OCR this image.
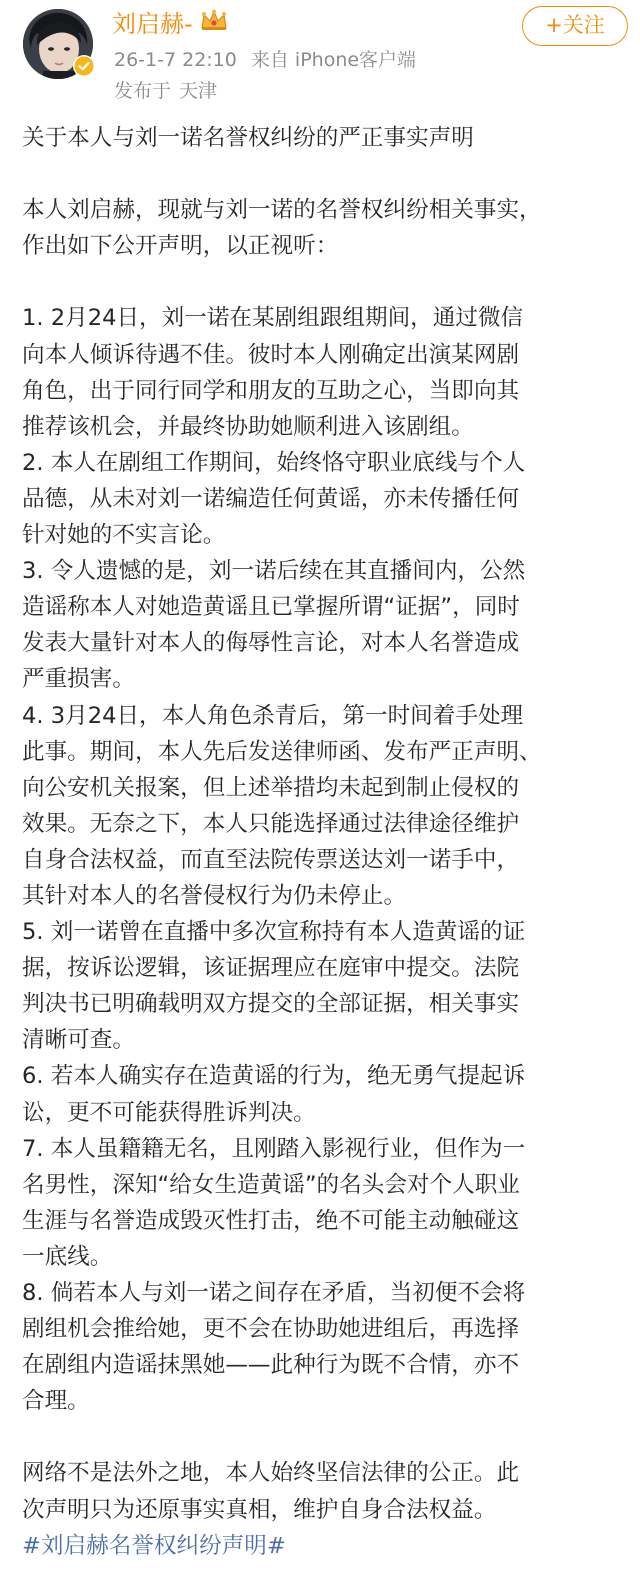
刘启赫-
26-1-7 22:10 来自 iPhone客户端
发布于 天津
+关注
关于本人与刘一诺名誉权纠纷的严正事实声明
本人刘启赫，现就与刘一诺的名誉权纠纷相关事实，
作出如下公开声明，以正视听：
1. 2月24日，刘一诺在某剧组跟组期间，通过微信
向本人倾诉待遇不佳。彼时本人刚确定出演某网剧
角色，出于同行同学和朋友的互助之心，当即向其
推荐该机会，并最终协助她顺利进入该剧组。
2. 本人在剧组工作期间，始终恪守职业底线与个人
品德，从未对刘一诺编造任何黄谣，亦未传播任何
针对她的不实言论。
3. 令人遗憾的是，刘一诺后续在其直播间内，公然
造谣称本人对她造黄谣且已掌握所谓“证据”，同时
发表大量针对本人的侮辱性言论，对本人名誉造成
严重损害。
4. 3月24日，本人角色杀青后，第一时间着手处理
此事。期间，本人先后发送律师函、发布严正声明、
向公安机关报案，但上述举措均未起到制止侵权的
效果。无奈之下，本人只能选择通过法律途径维护
自身合法权益，而直至法院传票送达刘一诺手中，
其针对本人的名誉侵权行为仍未停止。
5. 刘一诺曾在直播中多次宣称持有本人造黄谣的证
据，按诉讼逻辑，该证据理应在庭审中提交。法院
判决书已明确载明双方提交的全部证据，相关事实
清晰可查。
6. 若本人确实存在造黄谣的行为，绝无勇气提起诉
讼，更不可能获得胜诉判决。
7. 本人虽籍籍无名，且刚踏入影视行业，但作为一
名男性，深知“给女生造黄谣”的名头会对个人职业
生涯与名誉造成毁灭性打击，绝不可能主动触碰这
一底线。
8. 倘若本人与刘一诺之间存在矛盾，当初便不会将
剧组机会推给她，更不会在协助她进组后，再选择
在剧组内造谣抹黑她——此种行为既不合情，亦不
合理。
网络不是法外之地，本人始终坚信法律的公正。此
次声明只为还原事实真相，维护自身合法权益。
#刘启赫名誉权纠纷声明#
